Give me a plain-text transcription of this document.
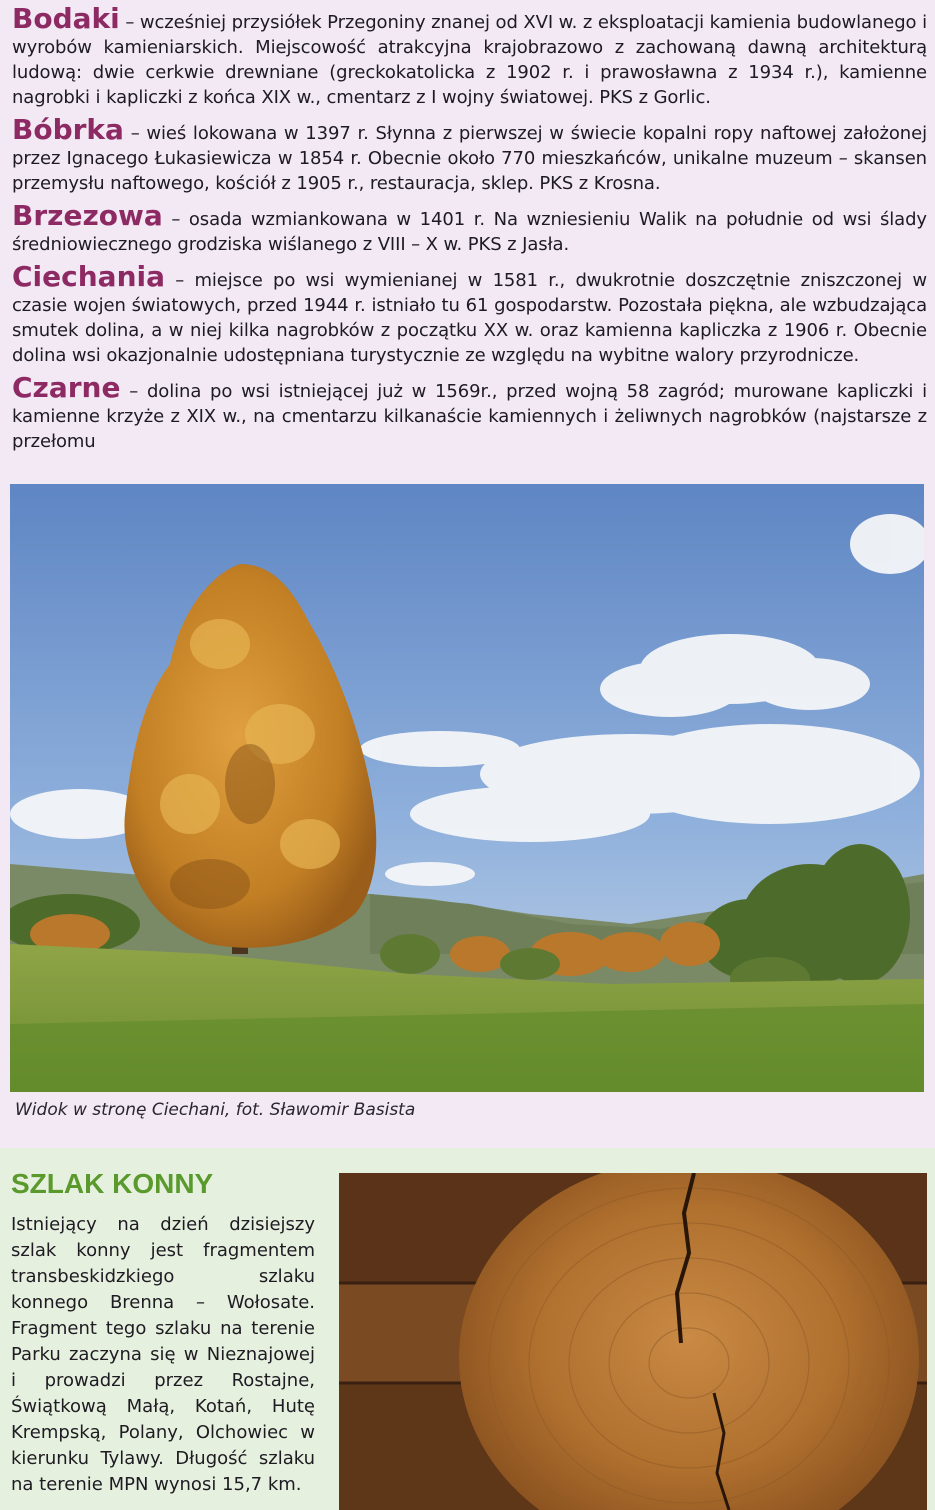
Bodaki – wcześniej przysiółek Przegoniny znanej od XVI w. z eksploatacji kamienia budowlanego i wyrobów kamieniarskich. Miejscowość atrakcyjna krajobrazowo z zachowaną dawną architekturą ludową: dwie cerkwie drewniane (greckokatolicka z 1902 r. i prawosławna z 1934 r.), kamienne nagrobki i kapliczki z końca XIX w., cmentarz z I wojny światowej. PKS z Gorlic.

Bóbrka – wieś lokowana w 1397 r. Słynna z pierwszej w świecie kopalni ropy naftowej założonej przez Ignacego Łukasiewicza w 1854 r. Obecnie około 770 mieszkańców, unikalne muzeum – skansen przemysłu naftowego, kościół z 1905 r., restauracja, sklep. PKS z Krosna.

Brzezowa – osada wzmiankowana w 1401 r. Na wzniesieniu Walik na południe od wsi ślady średniowiecznego grodziska wiślanego z VIII – X w. PKS z Jasła.

Ciechania – miejsce po wsi wymienianej w 1581 r., dwukrotnie doszczętnie zniszczonej w czasie wojen światowych, przed 1944 r. istniało tu 61 gospodarstw. Pozostała piękna, ale wzbudzająca smutek dolina, a w niej kilka nagrobków z początku XX w. oraz kamienna kapliczka z 1906 r. Obecnie dolina wsi okazjonalnie udostępniana turystycznie ze względu na wybitne walory przyrodnicze.

Czarne – dolina po wsi istniejącej już w 1569r., przed wojną 58 zagród; murowane kapliczki i kamienne krzyże z XIX w., na cmentarzu kilkanaście kamiennych i żeliwnych nagrobków (najstarsze z przełomu

Widok w stronę Ciechani, fot. Sławomir Basista
SZLAK KONNY
Istniejący na dzień dzisiejszy szlak konny jest fragmentem transbeskidzkiego szlaku konnego Brenna – Wołosate. Fragment tego szlaku na terenie Parku zaczyna się w Nieznajowej i prowadzi przez Rostajne, Świątkową Małą, Kotań, Hutę Krempską, Polany, Olchowiec w kierunku Tylawy. Długość szlaku na terenie MPN wynosi 15,7 km.
